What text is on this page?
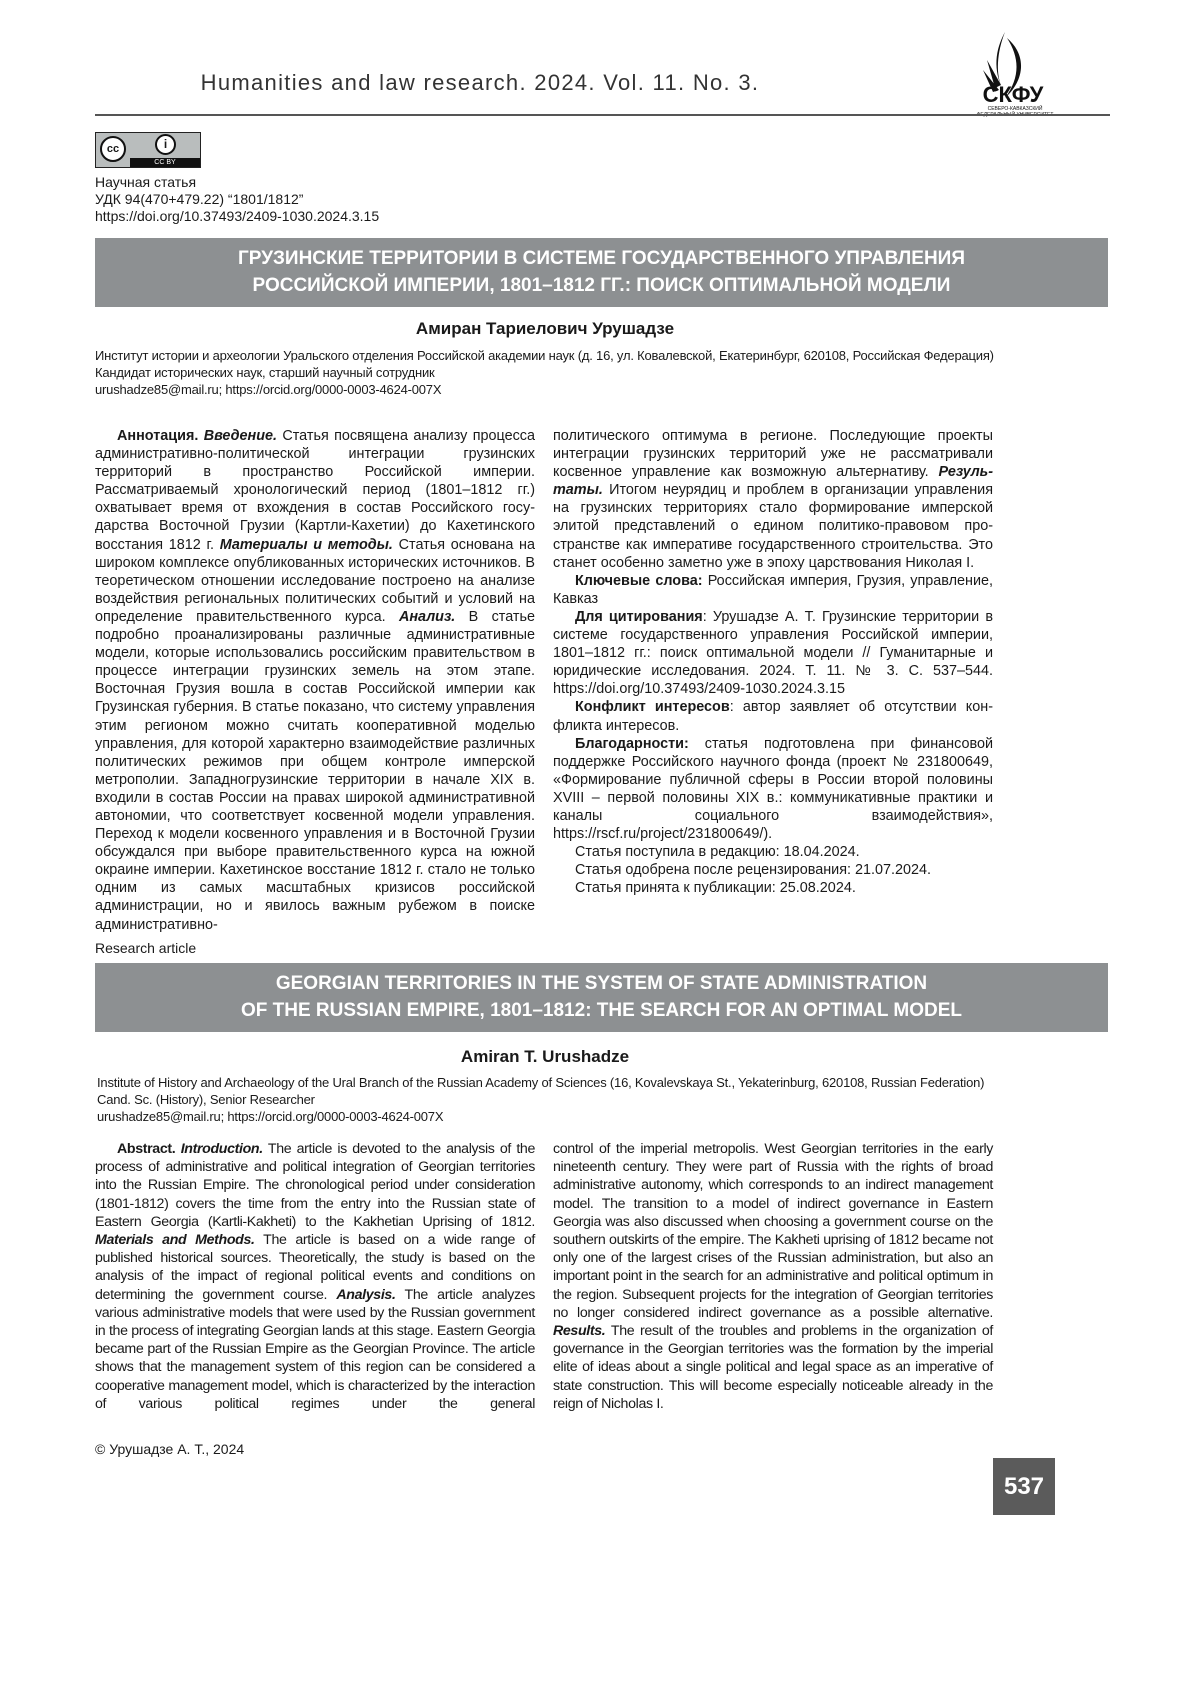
Humanities and law research. 2024. Vol. 11. No. 3.	СКФУ
СЕВЕРО-КАВКАЗСКИЙ
ФЕДЕРАЛЬНЫЙ УНИВЕРСИТЕТ
cc	i
CC BY
Научная статья
УДК 94(470+479.22) “1801/1812”
https://doi.org/10.37493/2409-1030.2024.3.15
ГРУЗИНСКИЕ ТЕРРИТОРИИ В СИСТЕМЕ ГОСУДАРСТВЕННОГО УПРАВЛЕНИЯ
РОССИЙСКОЙ ИМПЕРИИ, 1801–1812 ГГ.: ПОИСК ОПТИМАЛЬНОЙ МОДЕЛИ
Амиран Тариелович Урушадзе
Институт истории и археологии Уральского отделения Российской академии наук (д. 16, ул. Ковалевской, Екатеринбург, 620108, Российская Федерация)
Кандидат исторических наук, старший научный сотрудник
urushadze85@mail.ru; https://orcid.org/0000-0003-4624-007X

Аннотация. Введение. Статья посвящена анализу про­цесса административно-политической интеграции гру­зинских территорий в пространство Российской империи. Рассматриваемый хронологический период (1801–1812 гг.) охватывает время от вхождения в состав Российского госу­дарства Восточной Грузии (Картли-Кахетии) до Кахетинского восстания 1812 г. Материалы и методы. Статья основана на широком комплексе опубликованных исторических источни­ков. В теоретическом отношении исследование построено на анализе воздействия региональных политических собы­тий и условий на определение правительственного курса. Анализ. В статье подробно проанализированы различные административные модели, которые использовались рос­сийским правительством в процессе интеграции грузинских земель на этом этапе. Восточная Грузия вошла в состав Рос­сийской империи как Грузинская губерния. В статье показа­но, что систему управления этим регионом можно считать кооперативной моделью управления, для которой харак­терно взаимодействие различных политических режимов при общем контроле имперской метрополии. Западногру­зинские территории в начале XIX в. входили в состав России на правах широкой административной автономии, что соот­ветствует косвенной модели управления. Переход к модели косвенного управления и в Восточной Грузии обсуждался при выборе правительственного курса на южной окраине им­перии. Кахетинское восстание 1812 г. стало не только одним из самых масштабных кризисов российской администрации, но и явилось важным рубежом в поиске административно-

политического оптимума в регионе. Последующие проекты интеграции грузинских территорий уже не рассматривали косвенное управление как возможную альтернативу. Резуль­таты. Итогом неурядиц и проблем в организации управления на грузинских территориях стало формирование имперской элитой представлений о едином политико-правовом про­странстве как императиве государственного строительства. Это станет особенно заметно уже в эпоху царствования Ни­колая I.

Ключевые слова: Российская империя, Грузия, управле­ние, Кавказ

Для цитирования: Урушадзе А. Т. Грузинские террито­рии в системе государственного управления Российской империи, 1801–1812 гг.: поиск оптимальной модели // Гума­нитарные и юридические исследования. 2024. Т. 11. № 3. С. 537–544. https://doi.org/10.37493/2409-1030.2024.3.15

Конфликт интересов: автор заявляет об отсутствии кон­фликта интересов.

Благодарности: статья подготовлена при финан­совой поддержке Российского научного фонда (проект № 231800649, «Формирование публичной сферы в России второй половины XVIII – первой половины XIX в.: коммуни­кативные практики и каналы социального взаимодействия», https://rscf.ru/project/231800649/).

Статья поступила в редакцию: 18.04.2024.

Статья одобрена после рецензирования: 21.07.2024.

Статья принята к публикации: 25.08.2024.

Research article
GEORGIAN TERRITORIES IN THE SYSTEM OF STATE ADMINISTRATION
OF THE RUSSIAN EMPIRE, 1801–1812: THE SEARCH FOR AN OPTIMAL MODEL
Amiran T. Urushadze
Institute of History and Archaeology of the Ural Branch of the Russian Academy of Sciences (16, Kovalevskaya St., Yekaterinburg, 620108, Russian Federation)
Cand. Sc. (History), Senior Researcher
urushadze85@mail.ru; https://orcid.org/0000-0003-4624-007X

Abstract. Introduction. The article is devoted to the analysis of the process of administrative and political integration of Georgian territories into the Russian Empire. The chronological period under consideration (1801-1812) covers the time from the entry into the Russian state of Eastern Georgia (Kartli-Kakheti) to the Kakhetian Uprising of 1812. Materials and Methods. The article is based on a wide range of published historical sources. Theoretically, the study is based on the analysis of the impact of regional political events and conditions on determining the government course. Analysis. The article analyzes various administrative models that were used by the Russian government in the process of integrating Georgian lands at this stage. Eastern Georgia became part of the Russian Empire as the Georgian Province. The article shows that the management system of this region can be considered a cooperative management model, which is characterized by the interaction of various political regimes under the general

control of the imperial metropolis. West Georgian territories in the early nineteenth century. They were part of Russia with the rights of broad administrative autonomy, which corresponds to an indirect management model. The transition to a model of indirect governance in Eastern Georgia was also discussed when choosing a government course on the southern outskirts of the empire. The Kakheti uprising of 1812 became not only one of the largest crises of the Russian administration, but also an important point in the search for an administrative and political optimum in the region. Subsequent projects for the integration of Georgian territories no longer considered indirect governance as a possible alternative. Results. The result of the troubles and problems in the organization of governance in the Georgian territories was the formation by the imperial elite of ideas about a single political and legal space as an imperative of state construction. This will become especially noticeable already in the reign of Nicholas I.

© Урушадзе А. Т., 2024
537
